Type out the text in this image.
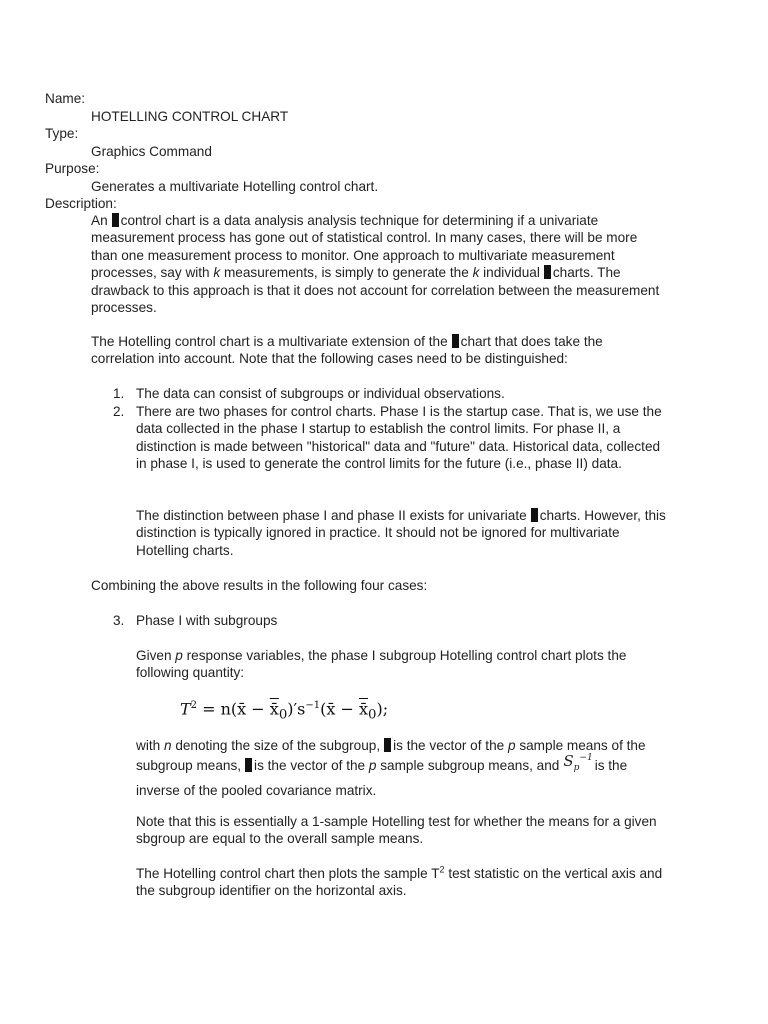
Name:
HOTELLING CONTROL CHART
Type:
Graphics Command
Purpose:
Generates a multivariate Hotelling control chart.
Description:
An control chart is a data analysis analysis technique for determining if a univariate measurement process has gone out of statistical control. In many cases, there will be more than one measurement process to monitor. One approach to multivariate measurement processes, say with k measurements, is simply to generate the k individual charts. The drawback to this approach is that it does not account for correlation between the measurement processes.
The Hotelling control chart is a multivariate extension of the chart that does take the correlation into account. Note that the following cases need to be distinguished:
1. The data can consist of subgroups or individual observations.
2. There are two phases for control charts. Phase I is the startup case. That is, we use the data collected in the phase I startup to establish the control limits. For phase II, a distinction is made between "historical" data and "future" data. Historical data, collected in phase I, is used to generate the control limits for the future (i.e., phase II) data.
The distinction between phase I and phase II exists for univariate charts. However, this distinction is typically ignored in practice. It should not be ignored for multivariate Hotelling charts.
Combining the above results in the following four cases:
3. Phase I with subgroups
Given p response variables, the phase I subgroup Hotelling control chart plots the following quantity:
$T^2$ = n(x̄ − $x̄_0)'s^{-1}(x̄$ − $x̄_0$);
with n denoting the size of the subgroup, is the vector of the p sample means of the subgroup means, is the vector of the p sample subgroup means, and $S_p^{-1}$ is the inverse of the pooled covariance matrix.
Note that this is essentially a 1-sample Hotelling test for whether the means for a given sbgroup are equal to the overall sample means.
The Hotelling control chart then plots the sample $T^2$ test statistic on the vertical axis and the subgroup identifier on the horizontal axis.
